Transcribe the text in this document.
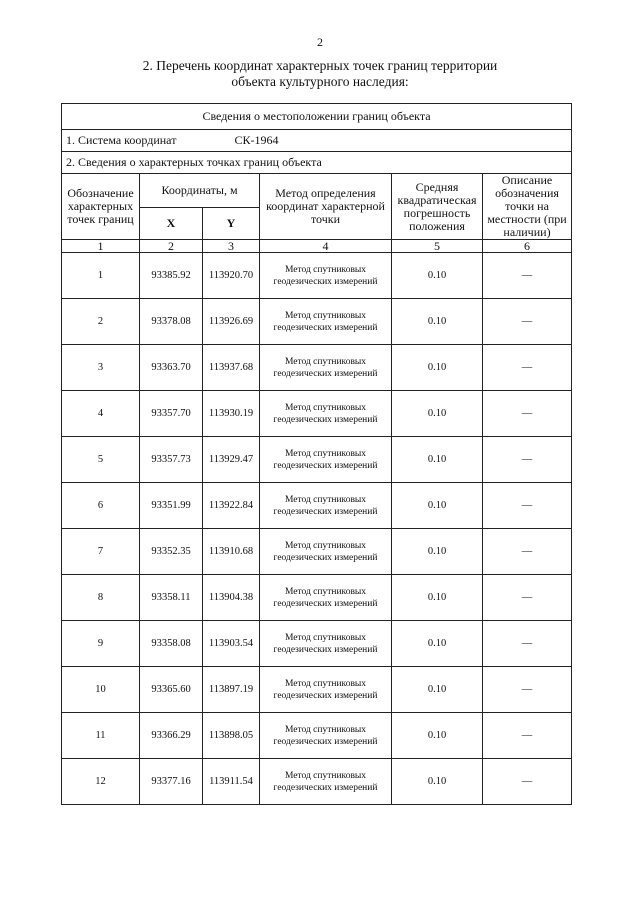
2
2. Перечень координат характерных точек границ территории
объекта культурного наследия:
Сведения о местоположении границ объекта					
1. Система координат СК-1964					
2. Сведения о характерных точках границ объекта					
Обозначение характерных точек границ	Координаты, м		Метод определения координат характерной точки	Средняя квадратическая погрешность положения	Описание обозначения точки на местности (при наличии)
	X	Y			
1	2	3	4	5	6
1	93385.92	113920.70	Метод спутниковых геодезических измерений	0.10	—
2	93378.08	113926.69	Метод спутниковых геодезических измерений	0.10	—
3	93363.70	113937.68	Метод спутниковых геодезических измерений	0.10	—
4	93357.70	113930.19	Метод спутниковых геодезических измерений	0.10	—
5	93357.73	113929.47	Метод спутниковых геодезических измерений	0.10	—
6	93351.99	113922.84	Метод спутниковых геодезических измерений	0.10	—
7	93352.35	113910.68	Метод спутниковых геодезических измерений	0.10	—
8	93358.11	113904.38	Метод спутниковых геодезических измерений	0.10	—
9	93358.08	113903.54	Метод спутниковых геодезических измерений	0.10	—
10	93365.60	113897.19	Метод спутниковых геодезических измерений	0.10	—
11	93366.29	113898.05	Метод спутниковых геодезических измерений	0.10	—
12	93377.16	113911.54	Метод спутниковых геодезических измерений	0.10	—
